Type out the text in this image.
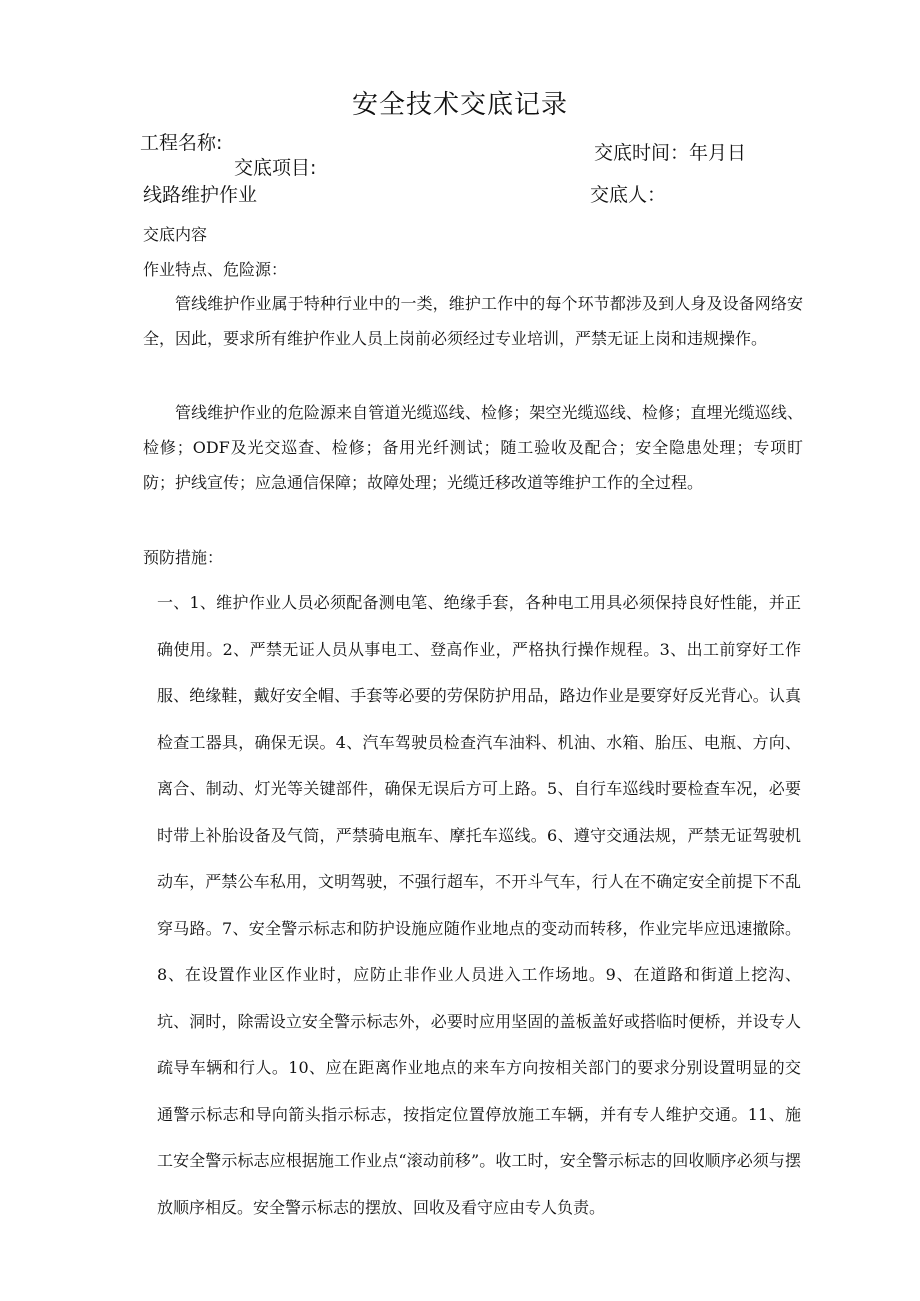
安全技术交底记录
工程名称:
交底项目:
交底时间：年月日
线路维护作业	交底人：
交底内容
作业特点、危险源：
管线维护作业属于特种行业中的一类，维护工作中的每个环节都涉及到人身及设备网络安全，因此，要求所有维护作业人员上岗前必须经过专业培训，严禁无证上岗和违规操作。
管线维护作业的危险源来自管道光缆巡线、检修；架空光缆巡线、检修；直埋光缆巡线、检修；ODF及光交巡查、检修；备用光纤测试；随工验收及配合；安全隐患处理；专项盯防；护线宣传；应急通信保障；故障处理；光缆迁移改道等维护工作的全过程。
预防措施：
一、1、维护作业人员必须配备测电笔、绝缘手套，各种电工用具必须保持良好性能，并正确使用。2、严禁无证人员从事电工、登高作业，严格执行操作规程。3、出工前穿好工作服、绝缘鞋，戴好安全帽、手套等必要的劳保防护用品，路边作业是要穿好反光背心。认真检查工器具，确保无误。4、汽车驾驶员检查汽车油料、机油、水箱、胎压、电瓶、方向、离合、制动、灯光等关键部件，确保无误后方可上路。5、自行车巡线时要检查车况，必要时带上补胎设备及气筒，严禁骑电瓶车、摩托车巡线。6、遵守交通法规，严禁无证驾驶机动车，严禁公车私用，文明驾驶，不强行超车，不开斗气车，行人在不确定安全前提下不乱穿马路。7、安全警示标志和防护设施应随作业地点的变动而转移，作业完毕应迅速撤除。8、在设置作业区作业时，应防止非作业人员进入工作场地。9、在道路和街道上挖沟、坑、洞时，除需设立安全警示标志外，必要时应用坚固的盖板盖好或搭临时便桥，并设专人疏导车辆和行人。10、应在距离作业地点的来车方向按相关部门的要求分别设置明显的交通警示标志和导向箭头指示标志，按指定位置停放施工车辆，并有专人维护交通。11、施工安全警示标志应根据施工作业点“滚动前移”。收工时，安全警示标志的回收顺序必须与摆放顺序相反。安全警示标志的摆放、回收及看守应由专人负责。
